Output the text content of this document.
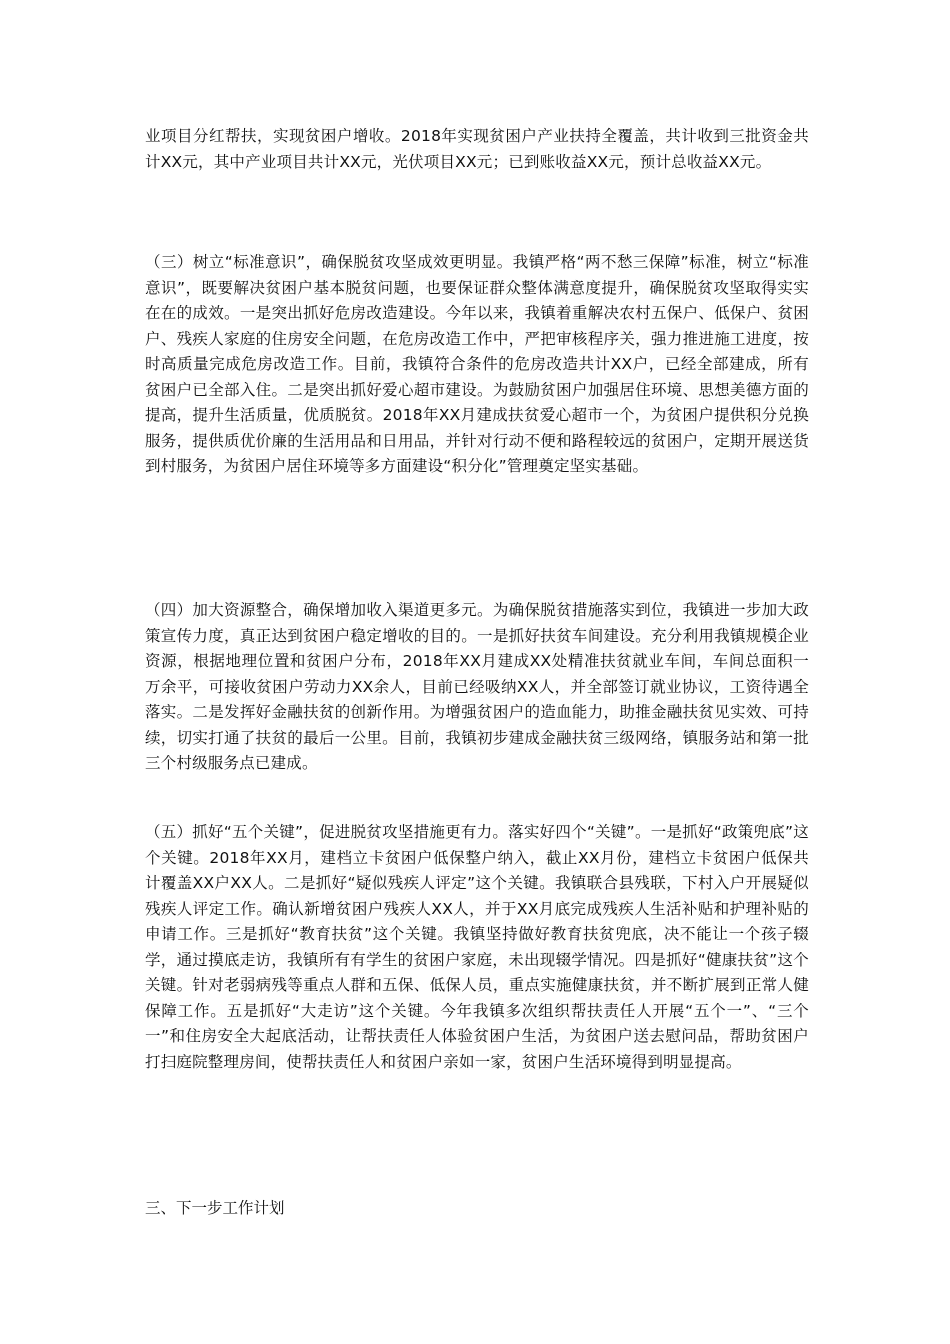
业项目分红帮扶，实现贫困户增收。2018年实现贫困户产业扶持全覆盖，共计收到三批资金共计XX元，其中产业项目共计XX元，光伏项目XX元；已到账收益XX元，预计总收益XX元。

（三）树立“标准意识”，确保脱贫攻坚成效更明显。我镇严格“两不愁三保障”标准，树立“标准意识”，既要解决贫困户基本脱贫问题，也要保证群众整体满意度提升，确保脱贫攻坚取得实实在在的成效。一是突出抓好危房改造建设。今年以来，我镇着重解决农村五保户、低保户、贫困户、残疾人家庭的住房安全问题，在危房改造工作中，严把审核程序关，强力推进施工进度，按时高质量完成危房改造工作。目前，我镇符合条件的危房改造共计XX户，已经全部建成，所有贫困户已全部入住。二是突出抓好爱心超市建设。为鼓励贫困户加强居住环境、思想美德方面的提高，提升生活质量，优质脱贫。2018年XX月建成扶贫爱心超市一个，为贫困户提供积分兑换服务，提供质优价廉的生活用品和日用品，并针对行动不便和路程较远的贫困户，定期开展送货到村服务，为贫困户居住环境等多方面建设“积分化”管理奠定坚实基础。

（四）加大资源整合，确保增加收入渠道更多元。为确保脱贫措施落实到位，我镇进一步加大政策宣传力度，真正达到贫困户稳定增收的目的。一是抓好扶贫车间建设。充分利用我镇规模企业资源，根据地理位置和贫困户分布，2018年XX月建成XX处精准扶贫就业车间，车间总面积一万余平，可接收贫困户劳动力XX余人，目前已经吸纳XX人，并全部签订就业协议，工资待遇全落实。二是发挥好金融扶贫的创新作用。为增强贫困户的造血能力，助推金融扶贫见实效、可持续，切实打通了扶贫的最后一公里。目前，我镇初步建成金融扶贫三级网络，镇服务站和第一批三个村级服务点已建成。

（五）抓好“五个关键”，促进脱贫攻坚措施更有力。落实好四个“关键”。一是抓好“政策兜底”这个关键。2018年XX月，建档立卡贫困户低保整户纳入，截止XX月份，建档立卡贫困户低保共计覆盖XX户XX人。二是抓好“疑似残疾人评定”这个关键。我镇联合县残联，下村入户开展疑似残疾人评定工作。确认新增贫困户残疾人XX人，并于XX月底完成残疾人生活补贴和护理补贴的申请工作。三是抓好“教育扶贫”这个关键。我镇坚持做好教育扶贫兜底，决不能让一个孩子辍学，通过摸底走访，我镇所有有学生的贫困户家庭，未出现辍学情况。四是抓好“健康扶贫”这个关键。针对老弱病残等重点人群和五保、低保人员，重点实施健康扶贫，并不断扩展到正常人健保障工作。五是抓好“大走访”这个关键。今年我镇多次组织帮扶责任人开展“五个一”、“三个一”和住房安全大起底活动，让帮扶责任人体验贫困户生活，为贫困户送去慰问品，帮助贫困户打扫庭院整理房间，使帮扶责任人和贫困户亲如一家，贫困户生活环境得到明显提高。

三、下一步工作计划
